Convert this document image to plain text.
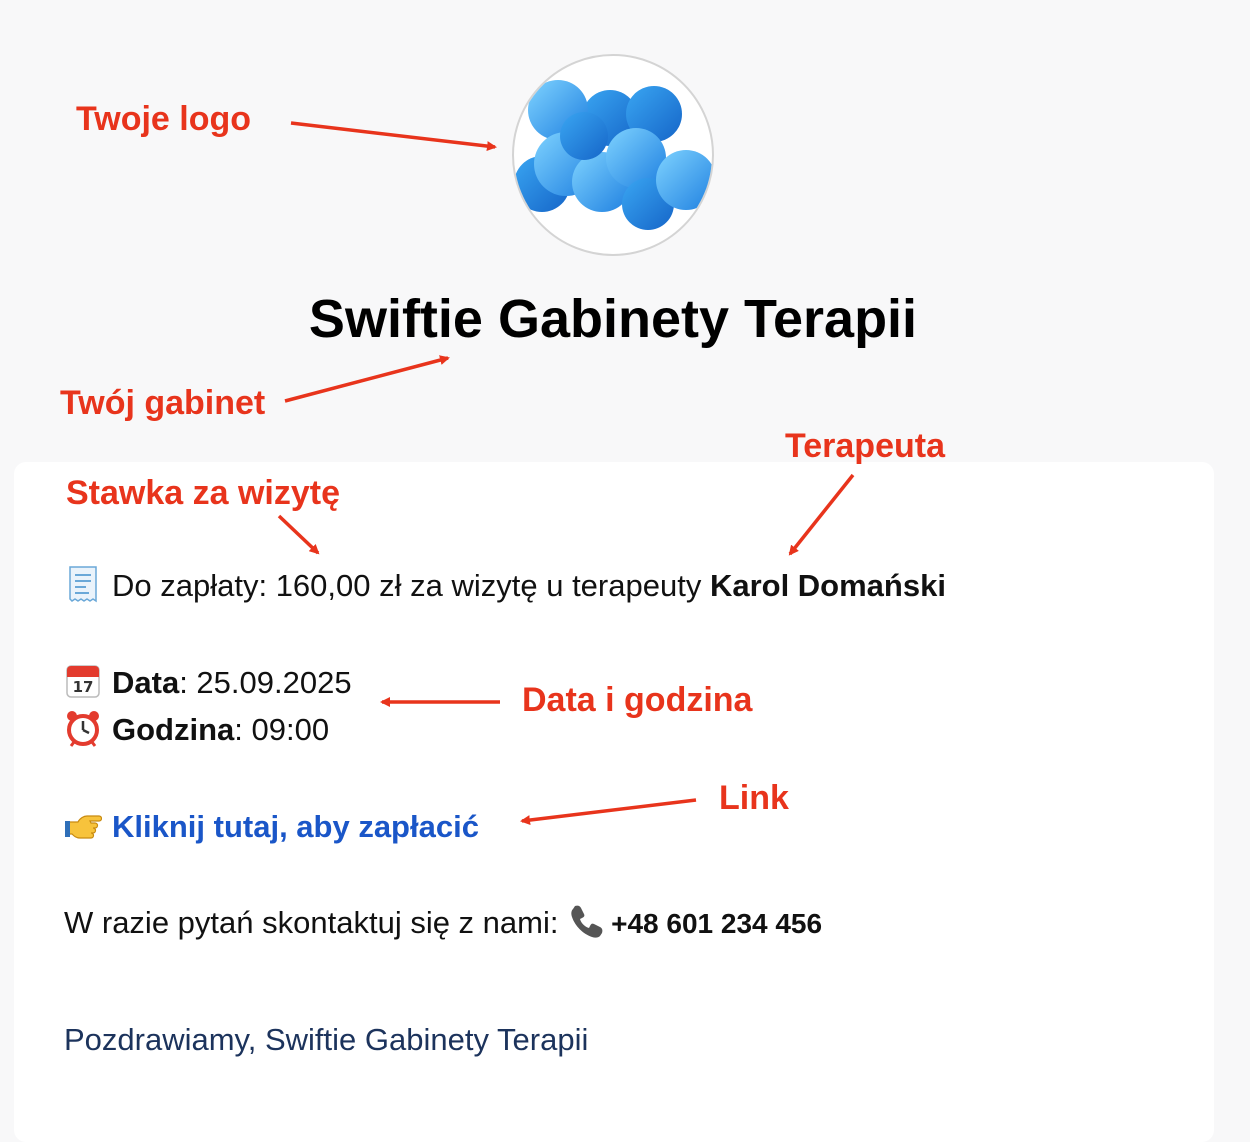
Swiftie Gabinety Terapii
Do zapłaty: 160,00 zł za wizytę u terapeuty Karol Domański
17 Data: 25.09.2025
Godzina: 09:00
Kliknij tutaj, aby zapłacić
W razie pytań skontaktuj się z nami: +48 601 234 456
Pozdrawiamy, Swiftie Gabinety Terapii
Twoje logo
Twój gabinet
Stawka za wizytę
Terapeuta
Data i godzina
Link
